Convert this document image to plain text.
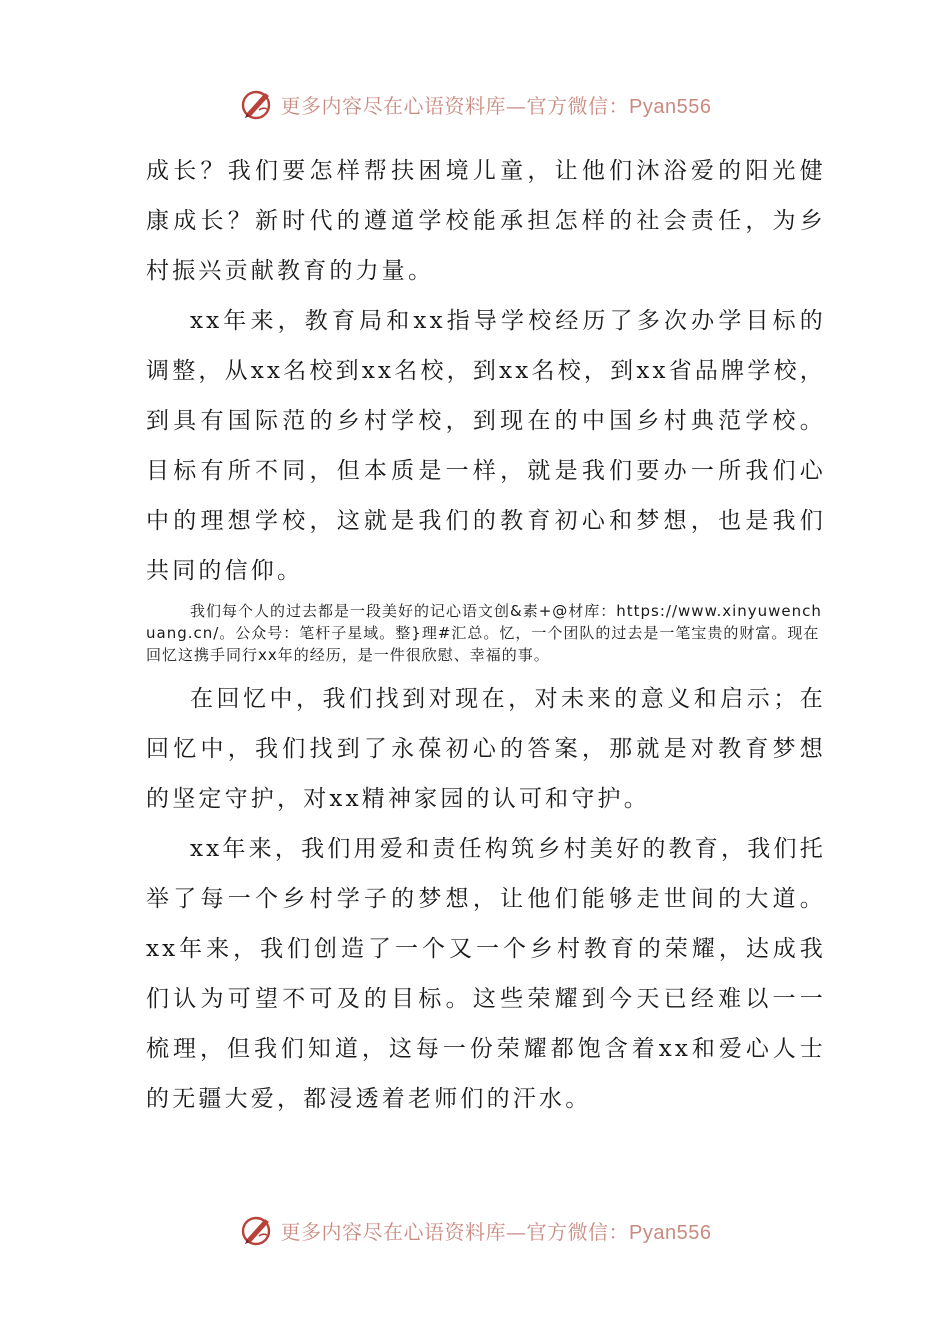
更多内容尽在心语资料库—官方微信：Pyan556

成长？我们要怎样帮扶困境儿童，让他们沐浴爱的阳光健康成长？新时代的遵道学校能承担怎样的社会责任，为乡村振兴贡献教育的力量。

xx年来，教育局和xx指导学校经历了多次办学目标的调整，从xx名校到xx名校，到xx名校，到xx省品牌学校，到具有国际范的乡村学校，到现在的中国乡村典范学校。目标有所不同，但本质是一样，就是我们要办一所我们心中的理想学校，这就是我们的教育初心和梦想，也是我们共同的信仰。

我们每个人的过去都是一段美好的记心语文创&素+@材库：https://www.xinyuwenchuang.cn/。公众号：笔杆子星域。整}理#汇总。忆，一个团队的过去是一笔宝贵的财富。现在回忆这携手同行xx年的经历，是一件很欣慰、幸福的事。

在回忆中，我们找到对现在，对未来的意义和启示；在回忆中，我们找到了永葆初心的答案，那就是对教育梦想的坚定守护，对xx精神家园的认可和守护。

xx年来，我们用爱和责任构筑乡村美好的教育，我们托举了每一个乡村学子的梦想，让他们能够走世间的大道。xx年来，我们创造了一个又一个乡村教育的荣耀，达成我们认为可望不可及的目标。这些荣耀到今天已经难以一一梳理，但我们知道，这每一份荣耀都饱含着xx和爱心人士的无疆大爱，都浸透着老师们的汗水。

更多内容尽在心语资料库—官方微信：Pyan556
